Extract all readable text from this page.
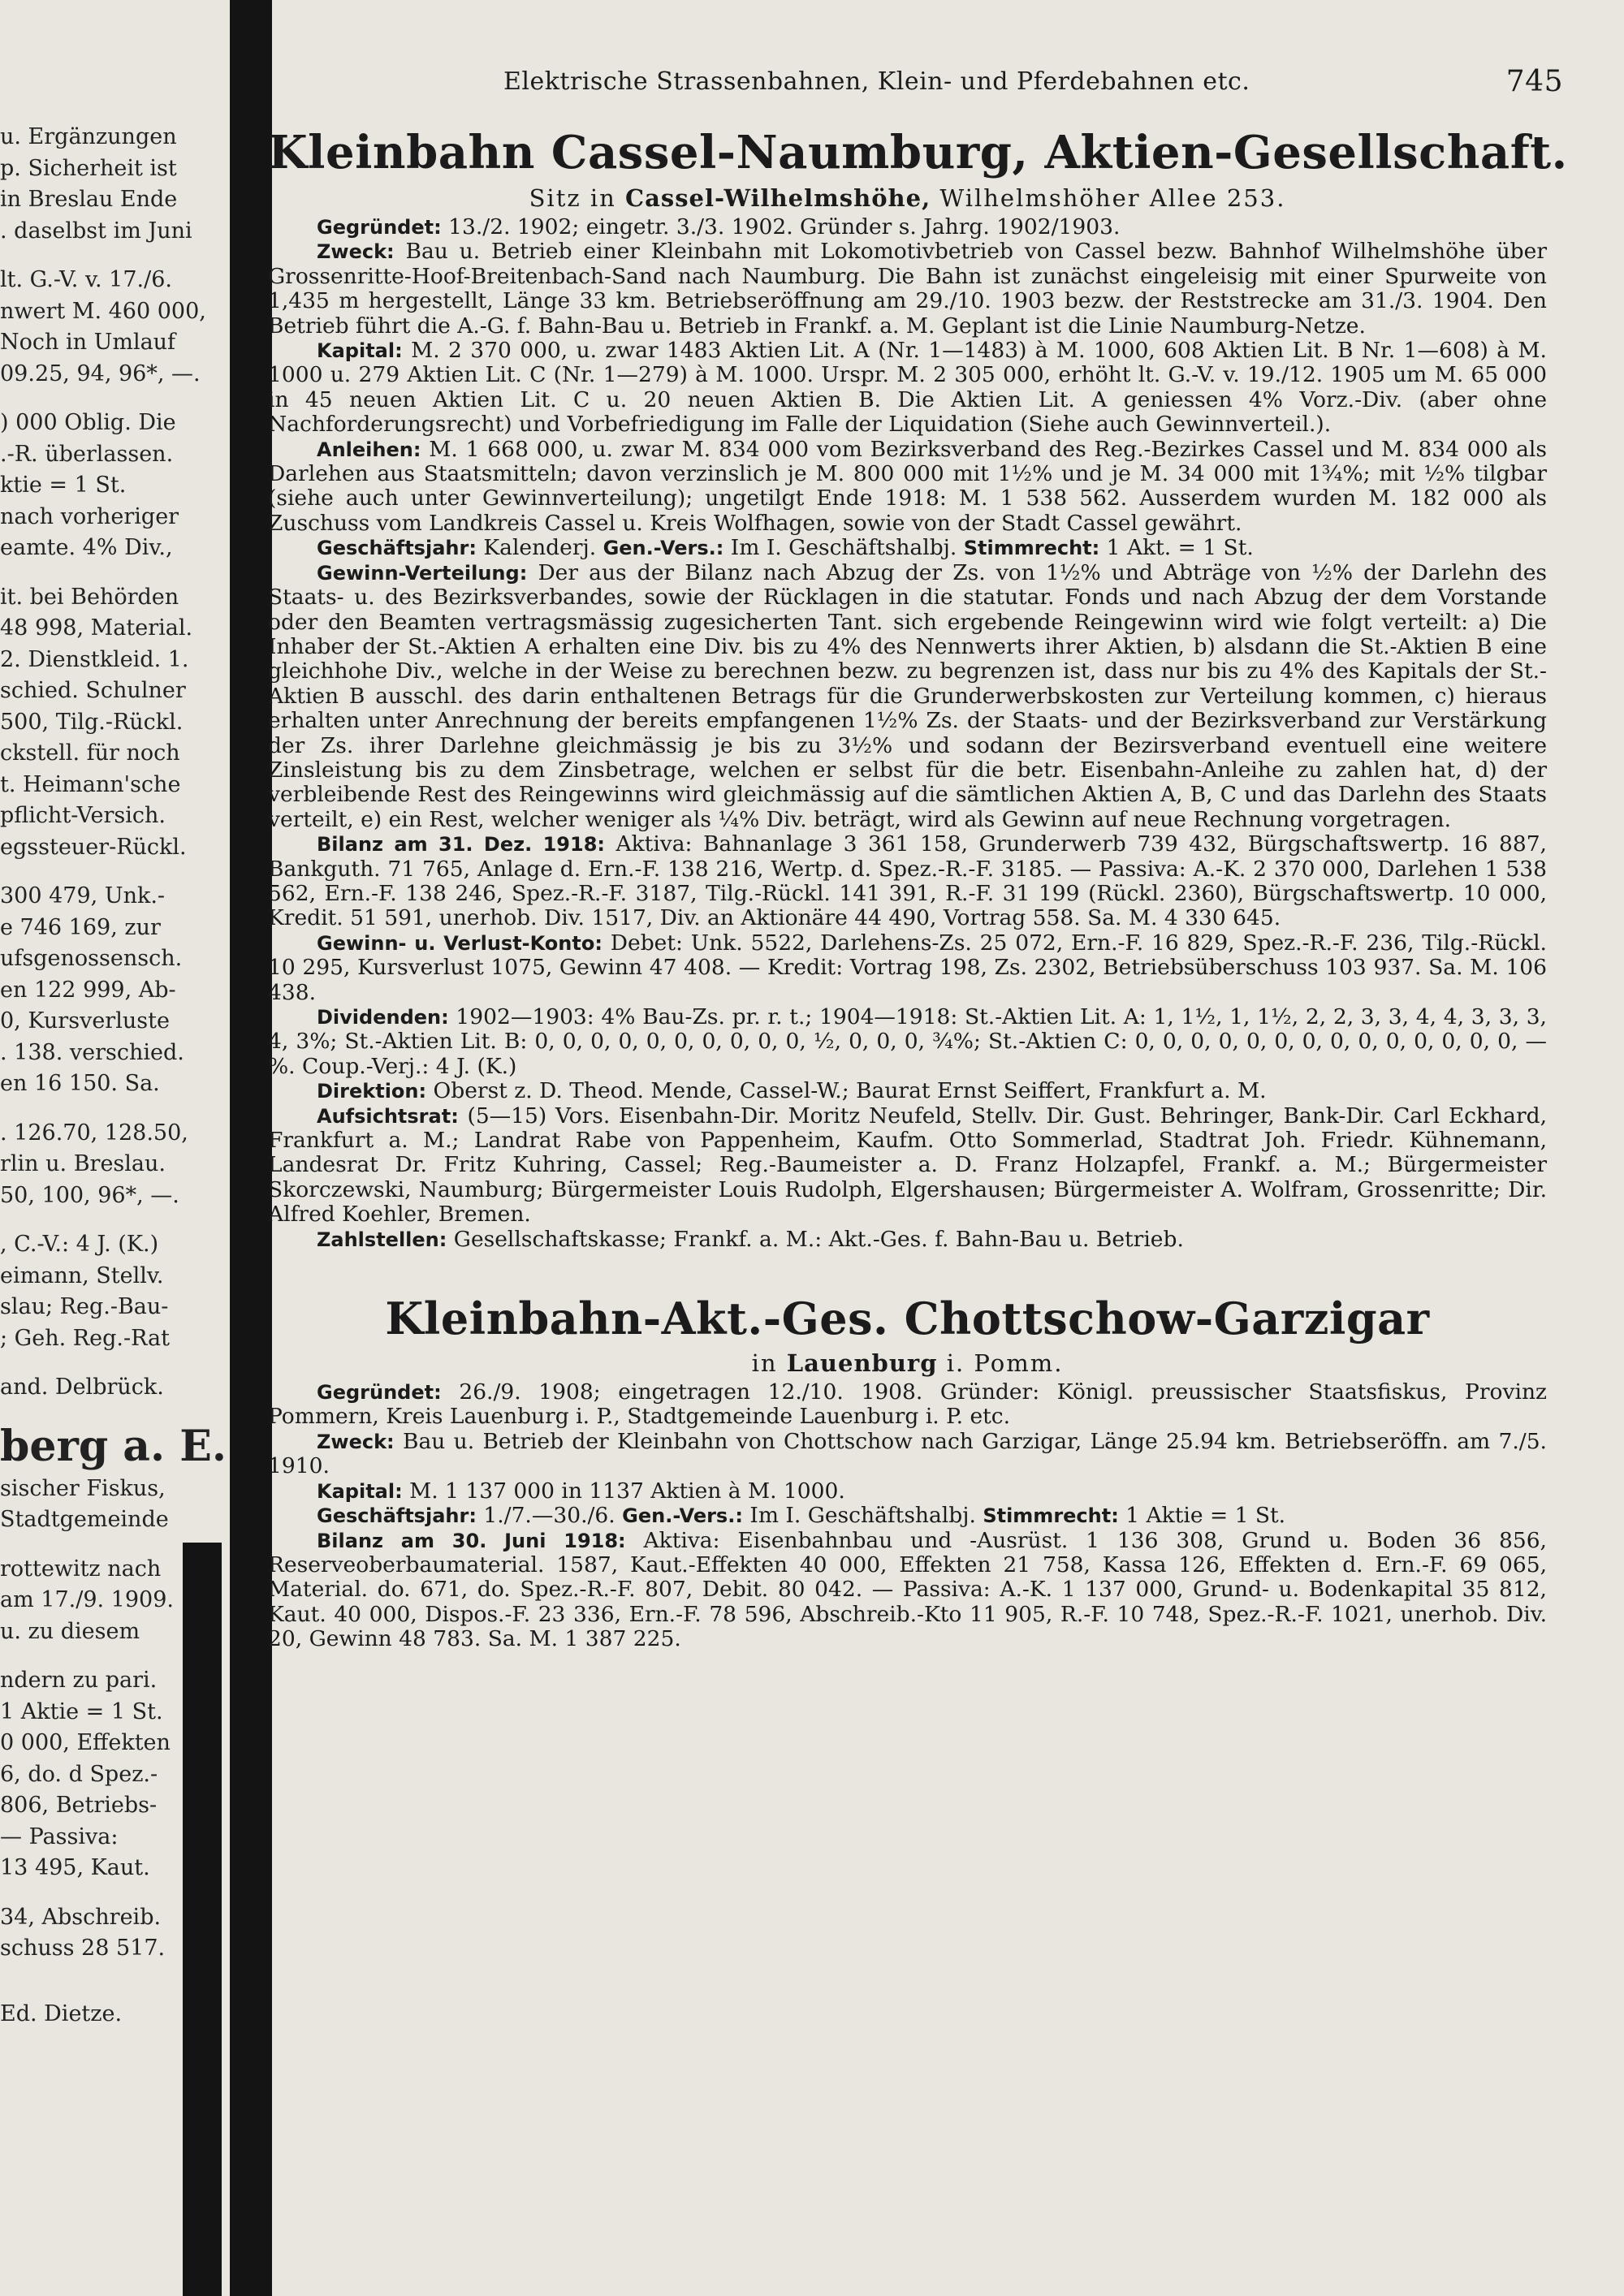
u. Ergänzungen
p. Sicherheit ist
in Breslau Ende
. daselbst im Juni
lt. G.-V. v. 17./6.
nwert M. 460 000,
Noch in Umlauf
09.25, 94, 96*, —.
) 000 Oblig. Die
.-R. überlassen.
ktie = 1 St.
nach vorheriger
eamte. 4% Div.,
it. bei Behörden
48 998, Material.
2. Dienstkleid. 1.
schied. Schulner
500, Tilg.-Rückl.
ckstell. für noch
t. Heimann'sche
pflicht-Versich.
egssteuer-Rückl.
300 479, Unk.-
e 746 169, zur
ufsgenossensch.
en 122 999, Ab-
0, Kursverluste
. 138. verschied.
en 16 150. Sa.
. 126.70, 128.50,
rlin u. Breslau.
50, 100, 96*, —.
, C.-V.: 4 J. (K.)
eimann, Stellv.
slau; Reg.-Bau-
; Geh. Reg.-Rat
and. Delbrück.
berg a. E.
sischer Fiskus,
Stadtgemeinde
rottewitz nach
am 17./9. 1909.
u. zu diesem
ndern zu pari.
1 Aktie = 1 St.
0 000, Effekten
6, do. d Spez.-
806, Betriebs-
— Passiva:
13 495, Kaut.
34, Abschreib.
schuss 28 517.
Ed. Dietze.
Elektrische Strassenbahnen, Klein- und Pferdebahnen etc.	745
Kleinbahn Cassel-Naumburg, Aktien-Gesellschaft.
Sitz in Cassel-Wilhelmshöhe, Wilhelmshöher Allee 253.

Gegründet: 13./2. 1902; eingetr. 3./3. 1902. Gründer s. Jahrg. 1902/1903.

Zweck: Bau u. Betrieb einer Kleinbahn mit Lokomotivbetrieb von Cassel bezw. Bahnhof Wilhelmshöhe über Grossenritte-Hoof-Breitenbach-Sand nach Naumburg. Die Bahn ist zunächst eingeleisig mit einer Spurweite von 1,435 m hergestellt, Länge 33 km. Betriebseröffnung am 29./10. 1903 bezw. der Reststrecke am 31./3. 1904. Den Betrieb führt die A.-G. f. Bahn-Bau u. Betrieb in Frankf. a. M. Geplant ist die Linie Naumburg-Netze.

Kapital: M. 2 370 000, u. zwar 1483 Aktien Lit. A (Nr. 1—1483) à M. 1000, 608 Aktien Lit. B Nr. 1—608) à M. 1000 u. 279 Aktien Lit. C (Nr. 1—279) à M. 1000. Urspr. M. 2 305 000, erhöht lt. G.-V. v. 19./12. 1905 um M. 65 000 in 45 neuen Aktien Lit. C u. 20 neuen Aktien B. Die Aktien Lit. A geniessen 4% Vorz.-Div. (aber ohne Nachforderungsrecht) und Vorbefriedigung im Falle der Liquidation (Siehe auch Gewinnverteil.).

Anleihen: M. 1 668 000, u. zwar M. 834 000 vom Bezirksverband des Reg.-Bezirkes Cassel und M. 834 000 als Darlehen aus Staatsmitteln; davon verzinslich je M. 800 000 mit 1½% und je M. 34 000 mit 1¾%; mit ½% tilgbar (siehe auch unter Gewinnverteilung); ungetilgt Ende 1918: M. 1 538 562. Ausserdem wurden M. 182 000 als Zuschuss vom Landkreis Cassel u. Kreis Wolfhagen, sowie von der Stadt Cassel gewährt.

Geschäftsjahr: Kalenderj. Gen.-Vers.: Im I. Geschäftshalbj. Stimmrecht: 1 Akt. = 1 St.

Gewinn-Verteilung: Der aus der Bilanz nach Abzug der Zs. von 1½% und Abträge von ½% der Darlehn des Staats- u. des Bezirksverbandes, sowie der Rücklagen in die statutar. Fonds und nach Abzug der dem Vorstande oder den Beamten vertragsmässig zugesicherten Tant. sich ergebende Reingewinn wird wie folgt verteilt: a) Die Inhaber der St.-Aktien A erhalten eine Div. bis zu 4% des Nennwerts ihrer Aktien, b) alsdann die St.-Aktien B eine gleichhohe Div., welche in der Weise zu berechnen bezw. zu begrenzen ist, dass nur bis zu 4% des Kapitals der St.-Aktien B ausschl. des darin enthaltenen Betrags für die Grunderwerbskosten zur Verteilung kommen, c) hieraus erhalten unter Anrechnung der bereits empfangenen 1½% Zs. der Staats- und der Bezirksverband zur Verstärkung der Zs. ihrer Darlehne gleichmässig je bis zu 3½% und sodann der Bezirsverband eventuell eine weitere Zinsleistung bis zu dem Zinsbetrage, welchen er selbst für die betr. Eisenbahn-Anleihe zu zahlen hat, d) der verbleibende Rest des Reingewinns wird gleichmässig auf die sämtlichen Aktien A, B, C und das Darlehn des Staats verteilt, e) ein Rest, welcher weniger als ¼% Div. beträgt, wird als Gewinn auf neue Rechnung vorgetragen.

Bilanz am 31. Dez. 1918: Aktiva: Bahnanlage 3 361 158, Grunderwerb 739 432, Bürgschaftswertp. 16 887, Bankguth. 71 765, Anlage d. Ern.-F. 138 216, Wertp. d. Spez.-R.-F. 3185. — Passiva: A.-K. 2 370 000, Darlehen 1 538 562, Ern.-F. 138 246, Spez.-R.-F. 3187, Tilg.-Rückl. 141 391, R.-F. 31 199 (Rückl. 2360), Bürgschaftswertp. 10 000, Kredit. 51 591, unerhob. Div. 1517, Div. an Aktionäre 44 490, Vortrag 558. Sa. M. 4 330 645.

Gewinn- u. Verlust-Konto: Debet: Unk. 5522, Darlehens-Zs. 25 072, Ern.-F. 16 829, Spez.-R.-F. 236, Tilg.-Rückl. 10 295, Kursverlust 1075, Gewinn 47 408. — Kredit: Vortrag 198, Zs. 2302, Betriebsüberschuss 103 937. Sa. M. 106 438.

Dividenden: 1902—1903: 4% Bau-Zs. pr. r. t.; 1904—1918: St.-Aktien Lit. A: 1, 1½, 1, 1½, 2, 2, 3, 3, 4, 4, 3, 3, 3, 4, 3%; St.-Aktien Lit. B: 0, 0, 0, 0, 0, 0, 0, 0, 0, 0, ½, 0, 0, 0, ¾%; St.-Aktien C: 0, 0, 0, 0, 0, 0, 0, 0, 0, 0, 0, 0, 0, 0, —%. Coup.-Verj.: 4 J. (K.)

Direktion: Oberst z. D. Theod. Mende, Cassel-W.; Baurat Ernst Seiffert, Frankfurt a. M.

Aufsichtsrat: (5—15) Vors. Eisenbahn-Dir. Moritz Neufeld, Stellv. Dir. Gust. Behringer, Bank-Dir. Carl Eckhard, Frankfurt a. M.; Landrat Rabe von Pappenheim, Kaufm. Otto Sommerlad, Stadtrat Joh. Friedr. Kühnemann, Landesrat Dr. Fritz Kuhring, Cassel; Reg.-Baumeister a. D. Franz Holzapfel, Frankf. a. M.; Bürgermeister Skorczewski, Naumburg; Bürgermeister Louis Rudolph, Elgershausen; Bürgermeister A. Wolfram, Grossenritte; Dir. Alfred Koehler, Bremen.

Zahlstellen: Gesellschaftskasse; Frankf. a. M.: Akt.-Ges. f. Bahn-Bau u. Betrieb.

Kleinbahn-Akt.-Ges. Chottschow-Garzigar
in Lauenburg i. Pomm.

Gegründet: 26./9. 1908; eingetragen 12./10. 1908. Gründer: Königl. preussischer Staatsfiskus, Provinz Pommern, Kreis Lauenburg i. P., Stadtgemeinde Lauenburg i. P. etc.

Zweck: Bau u. Betrieb der Kleinbahn von Chottschow nach Garzigar, Länge 25.94 km. Betriebseröffn. am 7./5. 1910.

Kapital: M. 1 137 000 in 1137 Aktien à M. 1000.

Geschäftsjahr: 1./7.—30./6. Gen.-Vers.: Im I. Geschäftshalbj. Stimmrecht: 1 Aktie = 1 St.

Bilanz am 30. Juni 1918: Aktiva: Eisenbahnbau und -Ausrüst. 1 136 308, Grund u. Boden 36 856, Reserveoberbaumaterial. 1587, Kaut.-Effekten 40 000, Effekten 21 758, Kassa 126, Effekten d. Ern.-F. 69 065, Material. do. 671, do. Spez.-R.-F. 807, Debit. 80 042. — Passiva: A.-K. 1 137 000, Grund- u. Bodenkapital 35 812, Kaut. 40 000, Dispos.-F. 23 336, Ern.-F. 78 596, Abschreib.-Kto 11 905, R.-F. 10 748, Spez.-R.-F. 1021, unerhob. Div. 20, Gewinn 48 783. Sa. M. 1 387 225.
